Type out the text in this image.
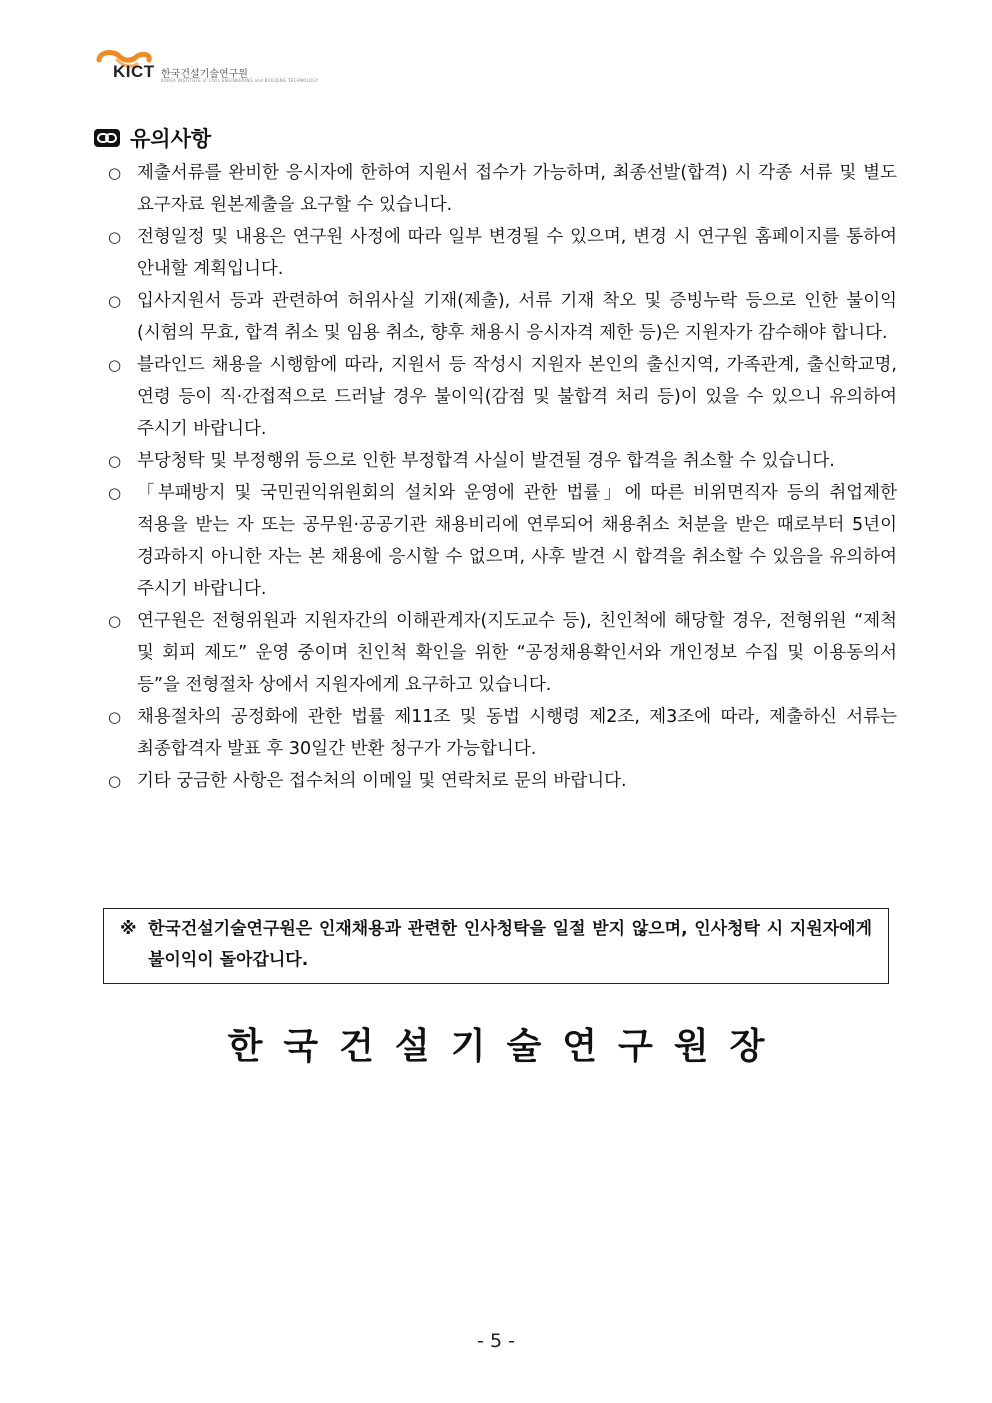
KICT 한국건설기술연구원
KOREA INSTITUTE of CIVIL ENGINEERING and BUILDING TECHNOLOGY
유의사항
○ 제출서류를 완비한 응시자에 한하여 지원서 접수가 가능하며, 최종선발(합격) 시 각종 서류 및 별도 요구자료 원본제출을 요구할 수 있습니다.
○ 전형일정 및 내용은 연구원 사정에 따라 일부 변경될 수 있으며, 변경 시 연구원 홈페이지를 통하여 안내할 계획입니다.
○ 입사지원서 등과 관련하여 허위사실 기재(제출), 서류 기재 착오 및 증빙누락 등으로 인한 불이익(시험의 무효, 합격 취소 및 임용 취소, 향후 채용시 응시자격 제한 등)은 지원자가 감수해야 합니다.
○ 블라인드 채용을 시행함에 따라, 지원서 등 작성시 지원자 본인의 출신지역, 가족관계, 출신학교명, 연령 등이 직·간접적으로 드러날 경우 불이익(감점 및 불합격 처리 등)이 있을 수 있으니 유의하여 주시기 바랍니다.
○ 부당청탁 및 부정행위 등으로 인한 부정합격 사실이 발견될 경우 합격을 취소할 수 있습니다.
○ 「부패방지 및 국민권익위원회의 설치와 운영에 관한 법률」에 따른 비위면직자 등의 취업제한 적용을 받는 자 또는 공무원·공공기관 채용비리에 연루되어 채용취소 처분을 받은 때로부터 5년이 경과하지 아니한 자는 본 채용에 응시할 수 없으며, 사후 발견 시 합격을 취소할 수 있음을 유의하여 주시기 바랍니다.
○ 연구원은 전형위원과 지원자간의 이해관계자(지도교수 등), 친인척에 해당할 경우, 전형위원 “제척 및 회피 제도” 운영 중이며 친인척 확인을 위한 “공정채용확인서와 개인정보 수집 및 이용동의서 등”을 전형절차 상에서 지원자에게 요구하고 있습니다.
○ 채용절차의 공정화에 관한 법률 제11조 및 동법 시행령 제2조, 제3조에 따라, 제출하신 서류는 최종합격자 발표 후 30일간 반환 청구가 가능합니다.
○ 기타 궁금한 사항은 접수처의 이메일 및 연락처로 문의 바랍니다.
※ 한국건설기술연구원은 인재채용과 관련한 인사청탁을 일절 받지 않으며, 인사청탁 시 지원자에게 불이익이 돌아갑니다.
한국건설기술연구원장
- 5 -
